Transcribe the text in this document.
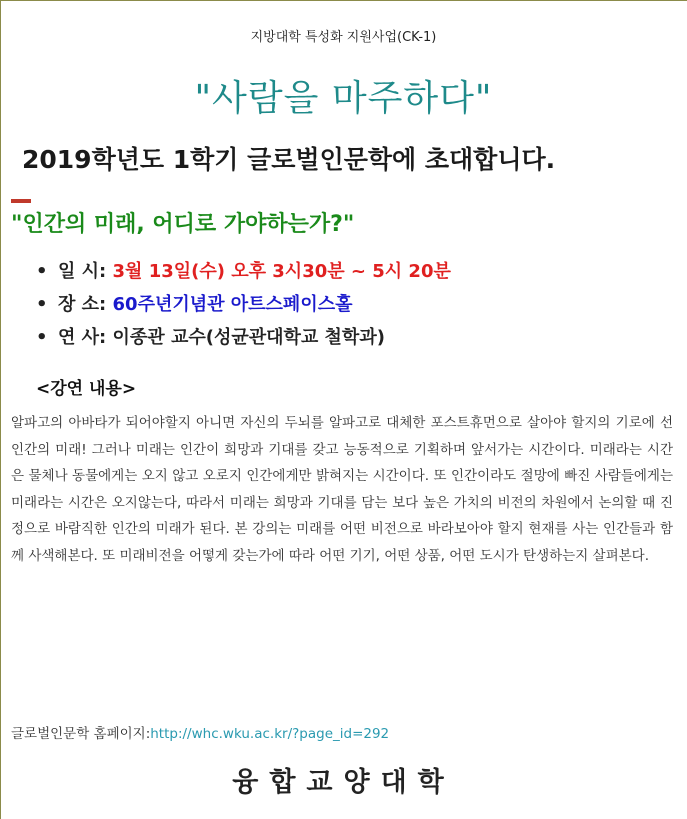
지방대학 특성화 지원사업(CK-1)
"사람을 마주하다"
2019학년도 1학기 글로벌인문학에 초대합니다.
"인간의 미래, 어디로 가야하는가?"
• 일 시: 3월 13일(수) 오후 3시30분 ~ 5시 20분
• 장 소: 60주년기념관 아트스페이스홀
• 연 사: 이종관 교수(성균관대학교 철학과)
<강연 내용>

알파고의 아바타가 되어야할지 아니면 자신의 두뇌를 알파고로 대체한 포스트휴먼으로 살아야 할지의 기로에 선 인간의 미래! 그러나 미래는 인간이 희망과 기대를 갖고 능동적으로 기획하며 앞서가는 시간이다. 미래라는 시간은 물체나 동물에게는 오지 않고 오로지 인간에게만 밝혀지는 시간이다. 또 인간이라도 절망에 빠진 사람들에게는 미래라는 시간은 오지않는다, 따라서 미래는 희망과 기대를 담는 보다 높은 가치의 비전의 차원에서 논의할 때 진정으로 바람직한 인간의 미래가 된다. 본 강의는 미래를 어떤 비전으로 바라보아야 할지 현재를 사는 인간들과 함께 사색해본다. 또 미래비전을 어떻게 갖는가에 따라 어떤 기기, 어떤 상품, 어떤 도시가 탄생하는지 살펴본다.

글로벌인문학 홈페이지:http://whc.wku.ac.kr/?page_id=292
융합교양대학
